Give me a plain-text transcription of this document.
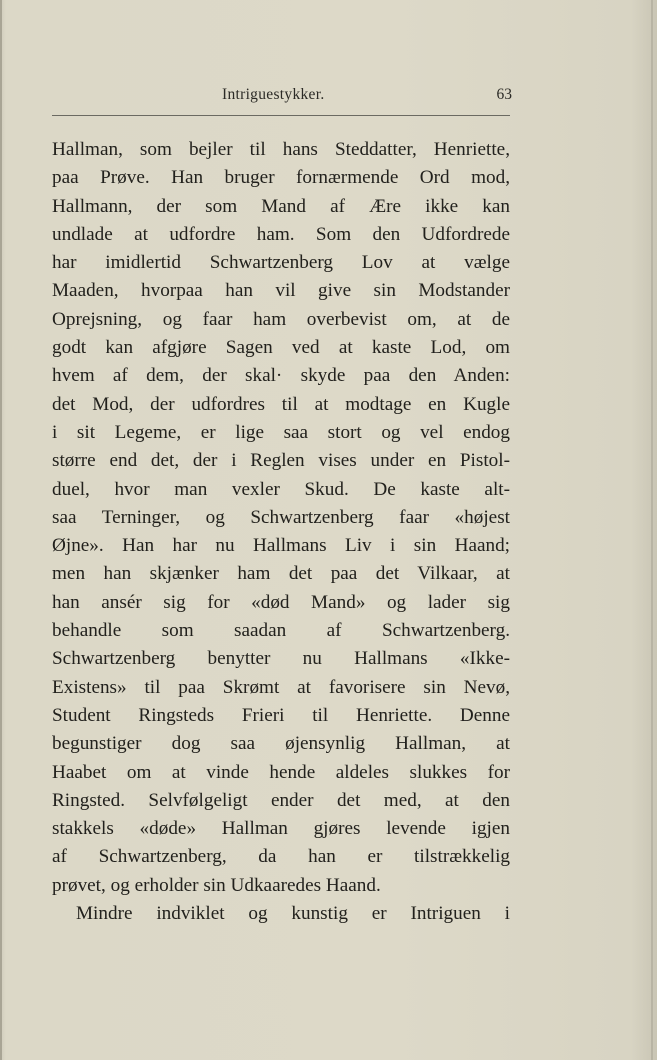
Intriguestykker.	63
Hallman, som bejler til hans Steddatter, Henriette,
paa Prøve. Han bruger fornærmende Ord mod,
Hallmann, der som Mand af Ære ikke kan
undlade at udfordre ham. Som den Udfordrede
har imidlertid Schwartzenberg Lov at vælge
Maaden, hvorpaa han vil give sin Modstander
Oprejsning, og faar ham overbevist om, at de
godt kan afgjøre Sagen ved at kaste Lod, om
hvem af dem, der skal· skyde paa den Anden:
det Mod, der udfordres til at modtage en Kugle
i sit Legeme, er lige saa stort og vel endog
større end det, der i Reglen vises under en Pistol-
duel, hvor man vexler Skud. De kaste alt-
saa Terninger, og Schwartzenberg faar «højest
Øjne». Han har nu Hallmans Liv i sin Haand;
men han skjænker ham det paa det Vilkaar, at
han ansér sig for «død Mand» og lader sig
behandle som saadan af Schwartzenberg.
Schwartzenberg benytter nu Hallmans «Ikke-
Existens» til paa Skrømt at favorisere sin Nevø,
Student Ringsteds Frieri til Henriette. Denne
begunstiger dog saa øjensynlig Hallman, at
Haabet om at vinde hende aldeles slukkes for
Ringsted. Selvfølgeligt ender det med, at den
stakkels «døde» Hallman gjøres levende igjen
af Schwartzenberg, da han er tilstrækkelig
prøvet, og erholder sin Udkaaredes Haand.
Mindre indviklet og kunstig er Intriguen i
